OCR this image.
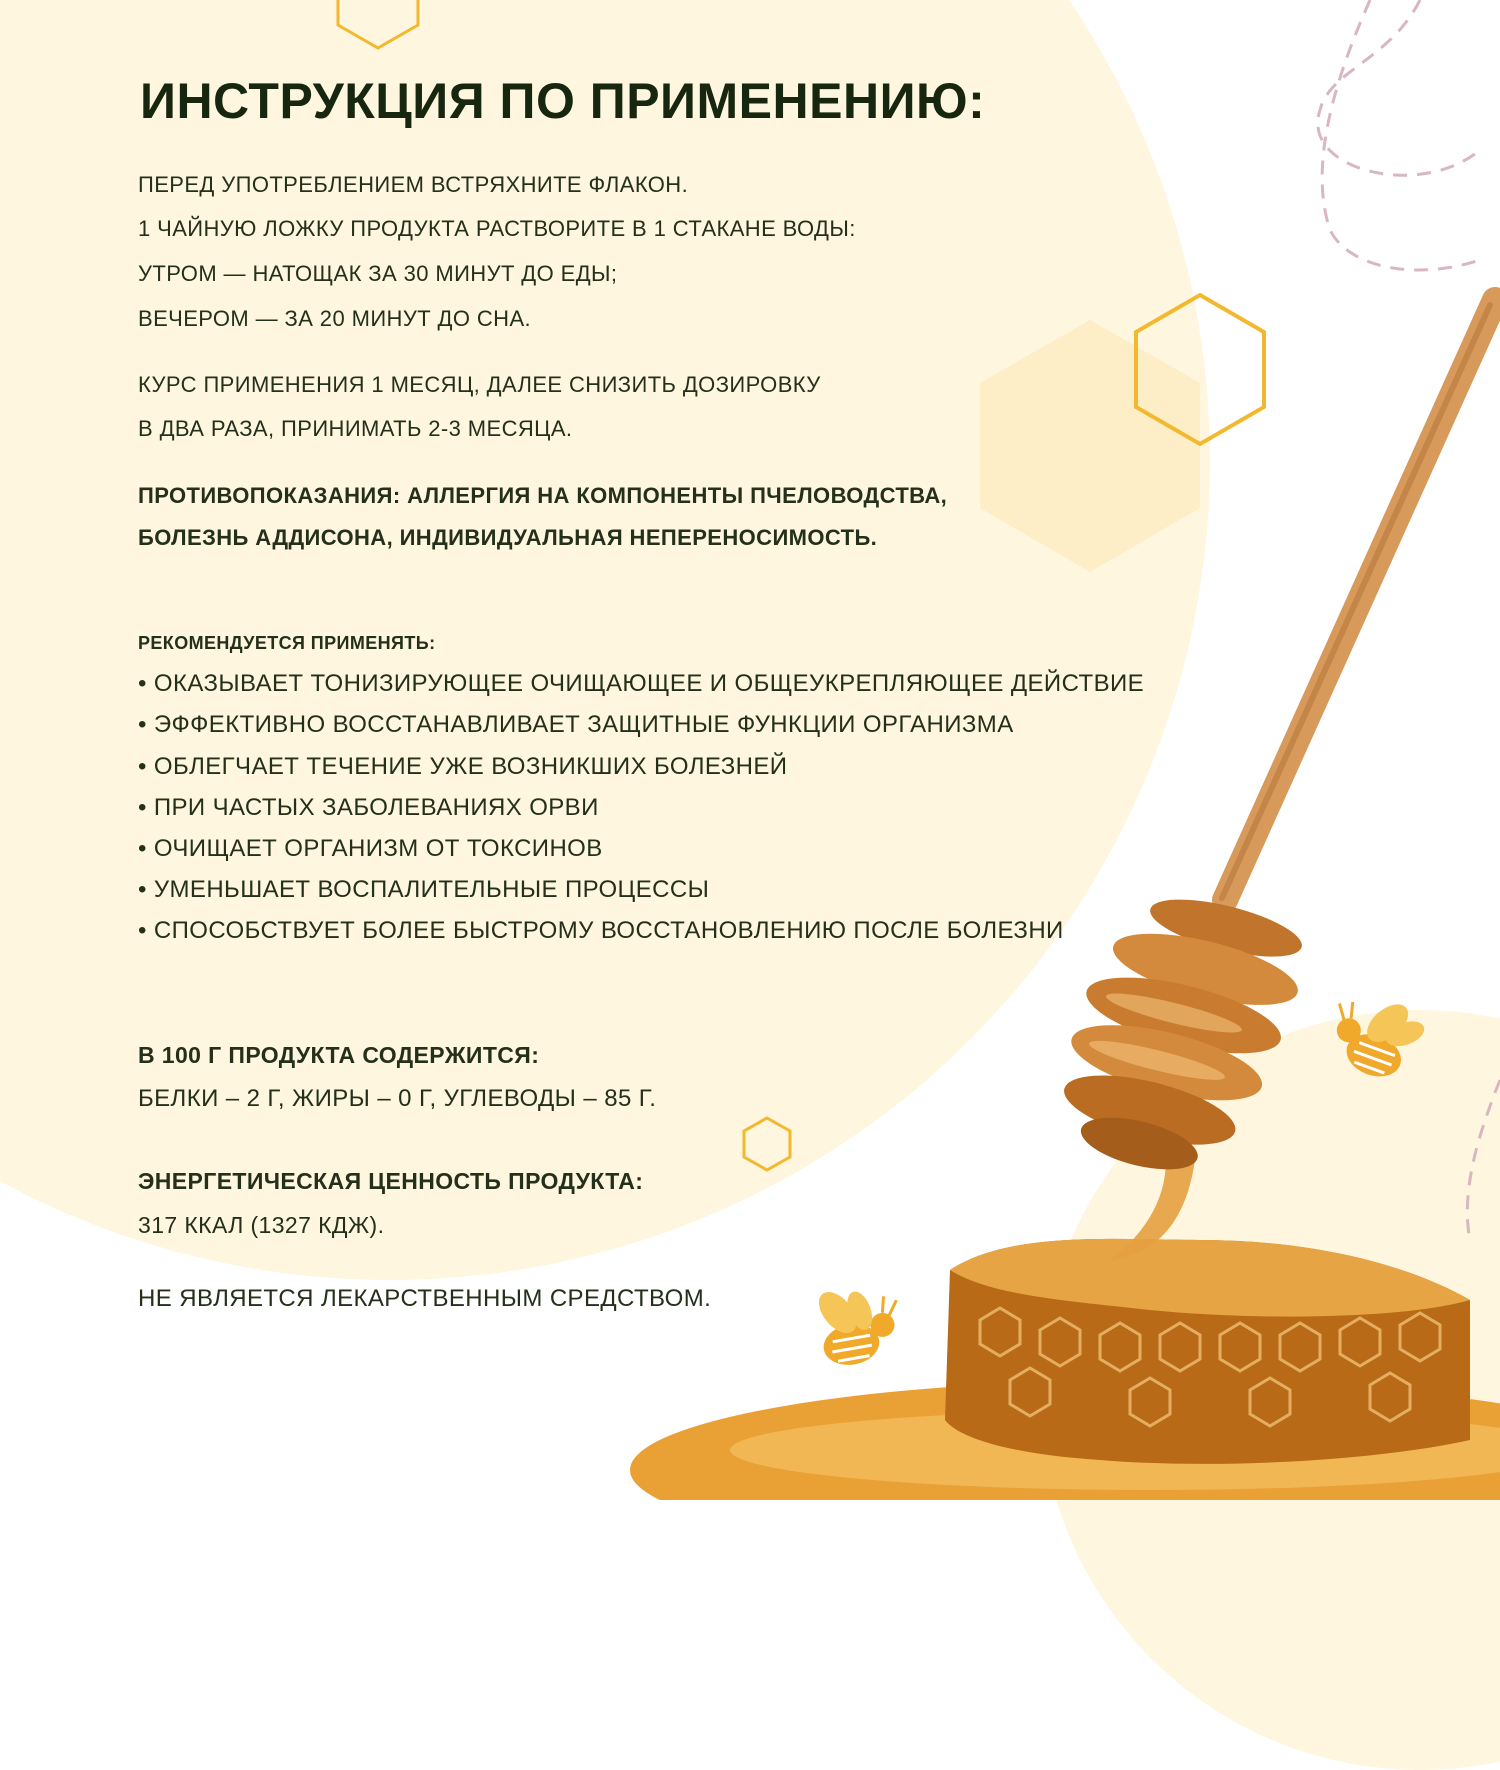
ИНСТРУКЦИЯ ПО ПРИМЕНЕНИЮ:
ПЕРЕД УПОТРЕБЛЕНИЕМ ВСТРЯХНИТЕ ФЛАКОН.
1 ЧАЙНУЮ ЛОЖКУ ПРОДУКТА РАСТВОРИТЕ В 1 СТАКАНЕ ВОДЫ:
УТРОМ — НАТОЩАК ЗА 30 МИНУТ ДО ЕДЫ;
ВЕЧЕРОМ — ЗА 20 МИНУТ ДО СНА.
КУРС ПРИМЕНЕНИЯ 1 МЕСЯЦ, ДАЛЕЕ СНИЗИТЬ ДОЗИРОВКУ
В ДВА РАЗА, ПРИНИМАТЬ 2-3 МЕСЯЦА.
ПРОТИВОПОКАЗАНИЯ: АЛЛЕРГИЯ НА КОМПОНЕНТЫ ПЧЕЛОВОДСТВА,
БОЛЕЗНЬ АДДИСОНА, ИНДИВИДУАЛЬНАЯ НЕПЕРЕНОСИМОСТЬ.
РЕКОМЕНДУЕТСЯ ПРИМЕНЯТЬ:
• ОКАЗЫВАЕТ ТОНИЗИРУЮЩЕЕ ОЧИЩАЮЩЕЕ И ОБЩЕУКРЕПЛЯЮЩЕЕ ДЕЙСТВИЕ
• ЭФФЕКТИВНО ВОССТАНАВЛИВАЕТ ЗАЩИТНЫЕ ФУНКЦИИ ОРГАНИЗМА
• ОБЛЕГЧАЕТ ТЕЧЕНИЕ УЖЕ ВОЗНИКШИХ БОЛЕЗНЕЙ
• ПРИ ЧАСТЫХ ЗАБОЛЕВАНИЯХ ОРВИ
• ОЧИЩАЕТ ОРГАНИЗМ ОТ ТОКСИНОВ
• УМЕНЬШАЕТ ВОСПАЛИТЕЛЬНЫЕ ПРОЦЕССЫ
• СПОСОБСТВУЕТ БОЛЕЕ БЫСТРОМУ ВОССТАНОВЛЕНИЮ ПОСЛЕ БОЛЕЗНИ
В 100 Г ПРОДУКТА СОДЕРЖИТСЯ:
БЕЛКИ – 2 Г, ЖИРЫ – 0 Г, УГЛЕВОДЫ – 85 Г.
ЭНЕРГЕТИЧЕСКАЯ ЦЕННОСТЬ ПРОДУКТА:
317 ККАЛ (1327 КДЖ).
НЕ ЯВЛЯЕТСЯ ЛЕКАРСТВЕННЫМ СРЕДСТВОМ.
